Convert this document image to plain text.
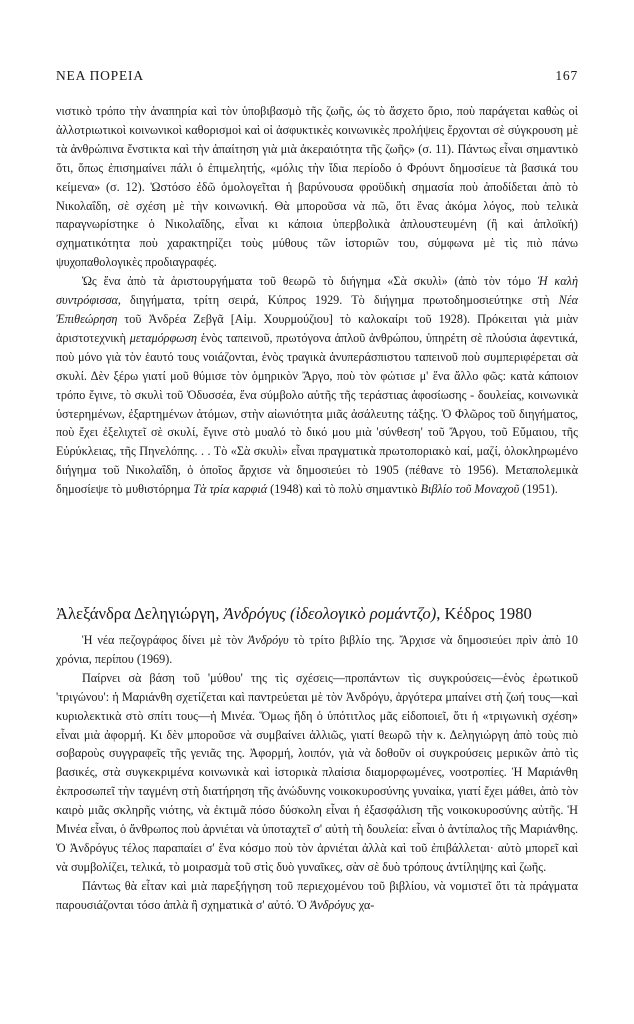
ΝΕΑ ΠΟΡΕΙΑ	167

νιστικὸ τρόπο τὴν ἀναπηρία καὶ τὸν ὑποβιβασμὸ τῆς ζωῆς, ὡς τὸ ἄσχετο ὅριο, ποὺ παράγεται καθὼς οἱ ἀλλοτριωτικοὶ κοινωνικοὶ καθορισμοὶ καὶ οἱ ἀσφυκτικὲς κοινωνικὲς προλήψεις ἔρχονται σὲ σύγκρουση μὲ τὰ ἀνθρώπινα ἔνστικτα καὶ τὴν ἀπαίτηση γιὰ μιὰ ἀκεραιότητα τῆς ζωῆς» (σ. 11). Πάντως εἶναι σημαντικὸ ὅτι, ὅπως ἐπισημαίνει πάλι ὁ ἐπιμελητής, «μόλις τὴν ἴδια περίοδο ὁ Φρόυντ δημοσίευε τὰ βασικά του κείμενα» (σ. 12). Ὡστόσο ἐδῶ ὁμολογεῖται ἡ βαρύνουσα φροϋδικὴ σημασία ποὺ ἀποδίδεται ἀπὸ τὸ Νικολαΐδη, σὲ σχέση μὲ τὴν κοινωνική. Θὰ μποροῦσα νὰ πῶ, ὅτι ἕνας ἀκόμα λόγος, ποὺ τελικὰ παραγνωρίστηκε ὁ Νικολαΐδης, εἶναι κι κάποια ὑπερβολικὰ ἀπλουστευμένη (ἢ καὶ ἁπλοϊκή) σχηματικότητα ποὺ χαρακτηρίζει τοὺς μύθους τῶν ἱστοριῶν του, σύμφωνα μὲ τὶς πιὸ πάνω ψυχοπαθολογικὲς προδιαγραφές.

Ὡς ἕνα ἀπὸ τὰ ἀριστουργήματα τοῦ θεωρῶ τὸ διήγημα «Σὰ σκυλὶ» (ἀπὸ τὸν τόμο Ἡ καλὴ συντρόφισσα, διηγήματα, τρίτη σειρά, Κύπρος 1929. Τὸ διήγημα πρωτοδημοσιεύτηκε στὴ Νέα Ἐπιθεώρηση τοῦ Ἀνδρέα Ζεβγᾶ [Αἰμ. Χουρμούζιου] τὸ καλοκαίρι τοῦ 1928). Πρόκειται γιὰ μιὰν ἀριστοτεχνικὴ μεταμόρφωση ἑνὸς ταπεινοῦ, πρωτόγονα ἁπλοῦ ἀνθρώπου, ὑπηρέτη σὲ πλούσια ἀφεντικά, ποὺ μόνο γιὰ τὸν ἑαυτό τους νοιάζονται, ἑνὸς τραγικὰ ἀνυπεράσπιστου ταπεινοῦ ποὺ συμπεριφέρεται σὰ σκυλί. Δὲν ξέρω γιατί μοῦ θύμισε τὸν ὁμηρικὸν Ἄργο, ποὺ τὸν φώτισε μ' ἕνα ἄλλο φῶς: κατὰ κάποιον τρόπο ἔγινε, τὸ σκυλὶ τοῦ Ὀδυσσέα, ἕνα σύμβολο αὐτῆς τῆς τεράστιας ἀφοσίωσης - δουλείας, κοινωνικὰ ὑστερημένων, ἐξαρτημένων ἀτόμων, στὴν αἰωνιότητα μιᾶς ἀσάλευτης τάξης. Ὁ Φλῶρος τοῦ διηγήματος, ποὺ ἔχει ἐξελιχτεῖ σὲ σκυλί, ἔγινε στὸ μυαλό τὸ δικό μου μιὰ 'σύνθεση' τοῦ Ἄργου, τοῦ Εὔμαιου, τῆς Εὐρύκλειας, τῆς Πηνελόπης. . . Τὸ «Σὰ σκυλὶ» εἶναι πραγματικὰ πρωτοποριακὸ καί, μαζί, ὁλοκληρωμένο διήγημα τοῦ Νικολαΐδη, ὁ ὁποῖος ἄρχισε νὰ δημοσιεύει τὸ 1905 (πέθανε τὸ 1956). Μεταπολεμικὰ δημοσίεψε τὸ μυθιστόρημα Τὰ τρία καρφιά (1948) καὶ τὸ πολὺ σημαντικὸ Βιβλίο τοῦ Μοναχοῦ (1951).

Ἀλεξάνδρα Δεληγιώργη, Ἀνδρόγυς (ἰδεολογικὸ ρομάντζο), Κέδρος 1980

Ἡ νέα πεζογράφος δίνει μὲ τὸν Ἀνδρόγυ τὸ τρίτο βιβλίο της. Ἄρχισε νὰ δημοσιεύει πρὶν ἀπὸ 10 χρόνια, περίπου (1969).

Παίρνει σὰ βάση τοῦ 'μύθου' της τὶς σχέσεις—προπάντων τὶς συγκρούσεις—ἑνὸς ἐρωτικοῦ 'τριγώνου': ἡ Μαριάνθη σχετίζεται καὶ παντρεύεται μὲ τὸν Ἀνδρόγυ, ἀργότερα μπαίνει στὴ ζωή τους—καὶ κυριολεκτικὰ στὸ σπίτι τους—ἡ Μινέα. Ὅμως ἤδη ὁ ὑπότιτλος μᾶς εἰδοποιεῖ, ὅτι ἡ «τριγωνικὴ σχέση» εἶναι μιὰ ἀφορμή. Κι δὲν μποροῦσε νὰ συμβαίνει ἀλλιῶς, γιατί θεωρῶ τὴν κ. Δεληγιώργη ἀπὸ τοὺς πιὸ σοβαροὺς συγγραφεῖς τῆς γενιᾶς της. Ἀφορμή, λοιπόν, γιὰ νὰ δοθοῦν οἱ συγκρούσεις μερικῶν ἀπὸ τὶς βασικές, στὰ συγκεκριμένα κοινωνικὰ καὶ ἱστορικὰ πλαίσια διαμορφωμένες, νοοτροπίες. Ἡ Μαριάνθη ἐκπροσωπεῖ τὴν ταγμένη στὴ διατήρηση τῆς ἀνώδυνης νοικοκυροσύνης γυναίκα, γιατί ἔχει μάθει, ἀπὸ τὸν καιρὸ μιᾶς σκληρῆς νιότης, νὰ ἐκτιμᾶ πόσο δύσκολη εἶναι ἡ ἐξασφάλιση τῆς νοικοκυροσύνης αὐτῆς. Ἡ Μινέα εἶναι, ὁ ἄνθρωπος ποὺ ἀρνιέται νὰ ὑποταχτεῖ σ' αὐτὴ τὴ δουλεία: εἶναι ὁ ἀντίπαλος τῆς Μαριάνθης. Ὁ Ἀνδρόγυς τέλος παραπαίει σ' ἕνα κόσμο ποὺ τὸν ἀρνιέται ἀλλὰ καὶ τοῦ ἐπιβάλλεται· αὐτὸ μπορεῖ καὶ νὰ συμβολίζει, τελικά, τὸ μοιρασμὰ τοῦ στὶς δυὸ γυναῖκες, σὰν σὲ δυὸ τρόπους ἀντίληψης καὶ ζωῆς.

Πάντως θὰ εἶταν καὶ μιὰ παρεξήγηση τοῦ περιεχομένου τοῦ βιβλίου, νὰ νομιστεῖ ὅτι τὰ πράγματα παρουσιάζονται τόσο ἁπλὰ ἢ σχηματικὰ σ' αὐτό. Ὁ Ἀνδρόγυς χα-
